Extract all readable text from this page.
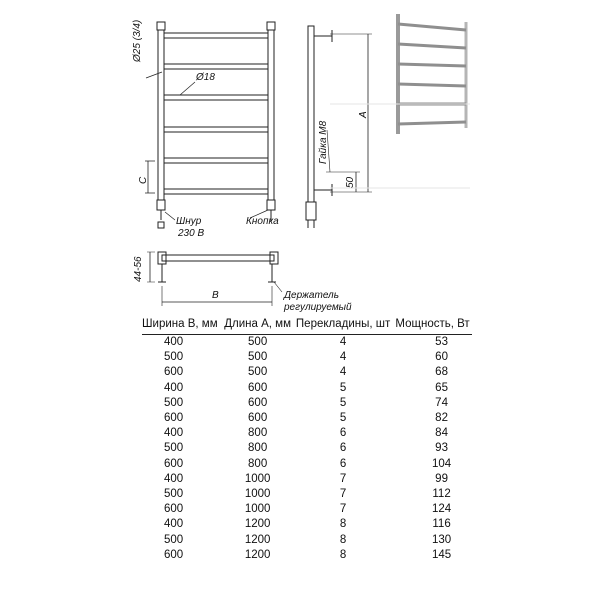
Ø25 (3/4)
Ø18
Шнур
230 В
Кнопка
Гайка М8
А
С	50
В
44-56
Держатель
регулируемый
Ширина В, мм	Длина А, мм	Перекладины, шт	Мощность, Вт
400	500	4	53
500	500	4	60
600	500	4	68
400	600	5	65
500	600	5	74
600	600	5	82
400	800	6	84
500	800	6	93
600	800	6	104
400	1000	7	99
500	1000	7	112
600	1000	7	124
400	1200	8	116
500	1200	8	130
600	1200	8	145
